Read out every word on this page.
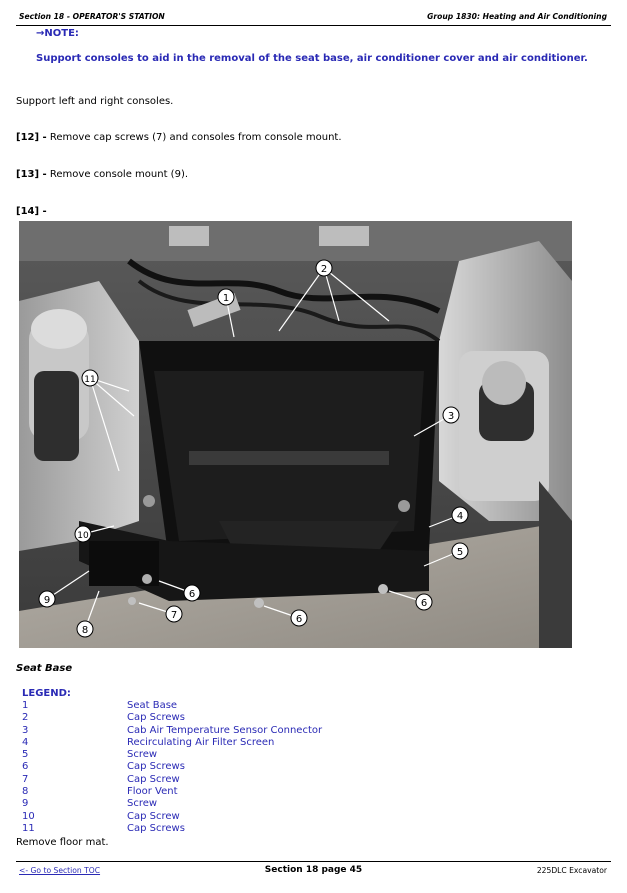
Section 18 - OPERATOR'S STATION	Group 1830: Heating and Air Conditioning
→NOTE:
Support consoles to aid in the removal of the seat base, air conditioner cover and air conditioner.
Support left and right consoles.
[12] - Remove cap screws (7) and consoles from console mount.
[13] - Remove console mount (9).
[14] -
1
2
3
4
5
6
6
6
7
8
9
10
11
Seat Base
LEGEND:
1	Seat Base
2	Cap Screws
3	Cab Air Temperature Sensor Connector
4	Recirculating Air Filter Screen
5	Screw
6	Cap Screws
7	Cap Screw
8	Floor Vent
9	Screw
10	Cap Screw
11	Cap Screws
Remove floor mat.
<- Go to Section TOC	Section 18 page 45	225DLC Excavator
